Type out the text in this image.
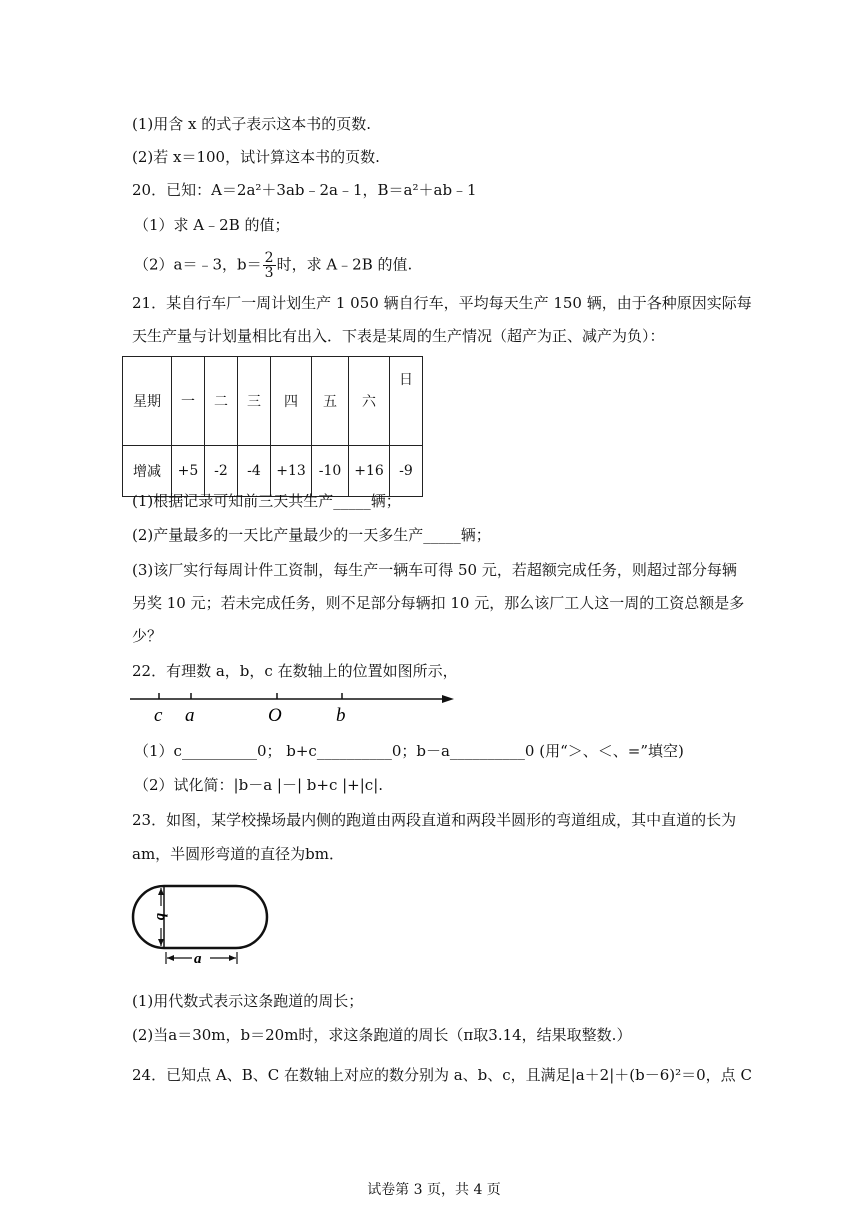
(1)用含 x 的式子表示这本书的页数.
(2)若 x＝100，试计算这本书的页数.
20．已知：A＝2a²＋3ab﹣2a﹣1，B＝a²＋ab﹣1
（1）求 A﹣2B 的值；
（2）a＝﹣3，$b= \frac{2}{3}$ 时，求 A﹣2B 的值.
21．某自行车厂一周计划生产 1 050 辆自行车，平均每天生产 150 辆，由于各种原因实际每
天生产量与计划量相比有出入．下表是某周的生产情况（超产为正、减产为负）：
星期	一	二	三	四	五	六	日
增减	+5	-2	-4	+13	-10	+16	-9
(1)根据记录可知前三天共生产_____辆；
(2)产量最多的一天比产量最少的一天多生产_____辆；
(3)该厂实行每周计件工资制，每生产一辆车可得 50 元，若超额完成任务，则超过部分每辆
另奖 10 元；若未完成任务，则不足部分每辆扣 10 元，那么该厂工人这一周的工资总额是多
少？
22．有理数 a，b，c 在数轴上的位置如图所示，
c a	O	b
（1）c__________0； b+c__________0；b－a__________0 (用“＞、＜、=”填空)
（2）试化简：|b－a |－| b+c |+|c|.
23．如图，某学校操场最内侧的跑道由两段直道和两段半圆形的弯道组成，其中直道的长为
am，半圆形弯道的直径为bm．
a
b
(1)用代数式表示这条跑道的周长；
(2)当a＝30m，b＝20m时，求这条跑道的周长（π取3.14，结果取整数.）
24．已知点 A、B、C 在数轴上对应的数分别为 a、b、c，且满足|a＋2|＋(b－6)²＝0，点 C
试卷第 3 页，共 4 页
